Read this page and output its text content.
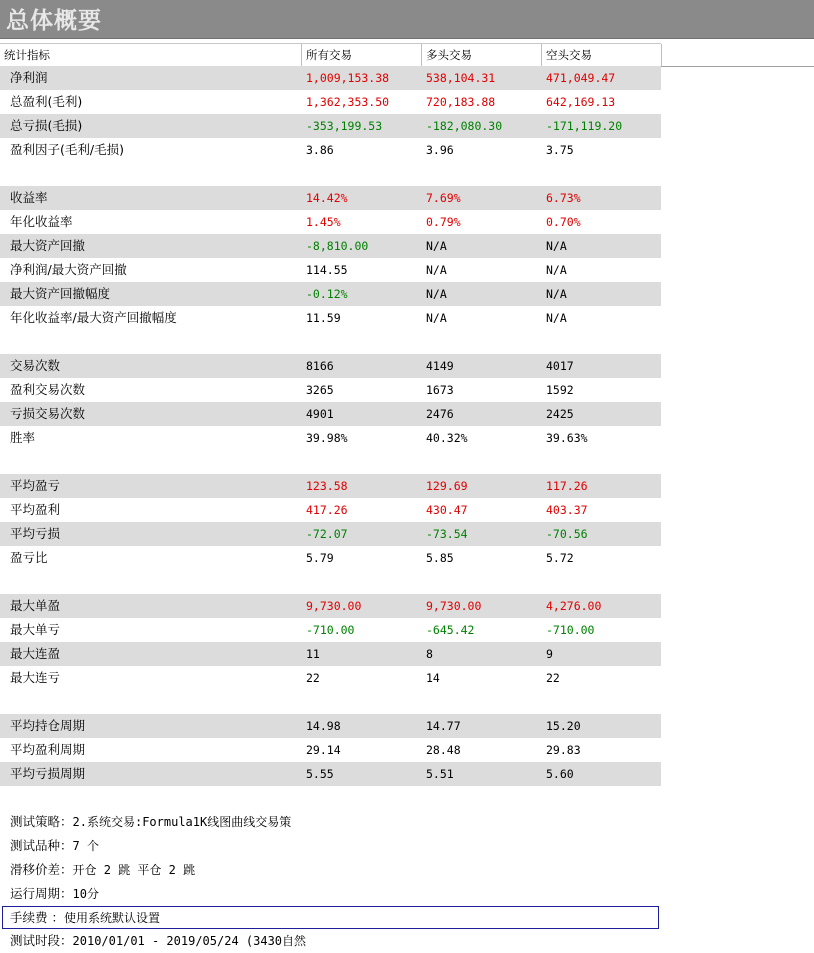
总体概要
统计指标	所有交易	多头交易	空头交易
净利润	1,009,153.38	538,104.31	471,049.47
总盈利(毛利)	1,362,353.50	720,183.88	642,169.13
总亏损(毛损)	-353,199.53	-182,080.30	-171,119.20
盈利因子(毛利/毛损)	3.86	3.96	3.75
收益率	14.42%	7.69%	6.73%
年化收益率	1.45%	0.79%	0.70%
最大资产回撤	-8,810.00	N/A	N/A
净利润/最大资产回撤	114.55	N/A	N/A
最大资产回撤幅度	-0.12%	N/A	N/A
年化收益率/最大资产回撤幅度	11.59	N/A	N/A
交易次数	8166	4149	4017
盈利交易次数	3265	1673	1592
亏损交易次数	4901	2476	2425
胜率	39.98%	40.32%	39.63%
平均盈亏	123.58	129.69	117.26
平均盈利	417.26	430.47	403.37
平均亏损	-72.07	-73.54	-70.56
盈亏比	5.79	5.85	5.72
最大单盈	9,730.00	9,730.00	4,276.00
最大单亏	-710.00	-645.42	-710.00
最大连盈	11	8	9
最大连亏	22	14	22
平均持仓周期	14.98	14.77	15.20
平均盈利周期	29.14	28.48	29.83
平均亏损周期	5.55	5.51	5.60
测试策略：2.系统交易:Formula1K线图曲线交易策
测试品种：7 个
滑移价差：开仓 2 跳 平仓 2 跳
运行周期：10分
手续费 ：使用系统默认设置
测试时段：2010/01/01 - 2019/05/24 (3430自然
